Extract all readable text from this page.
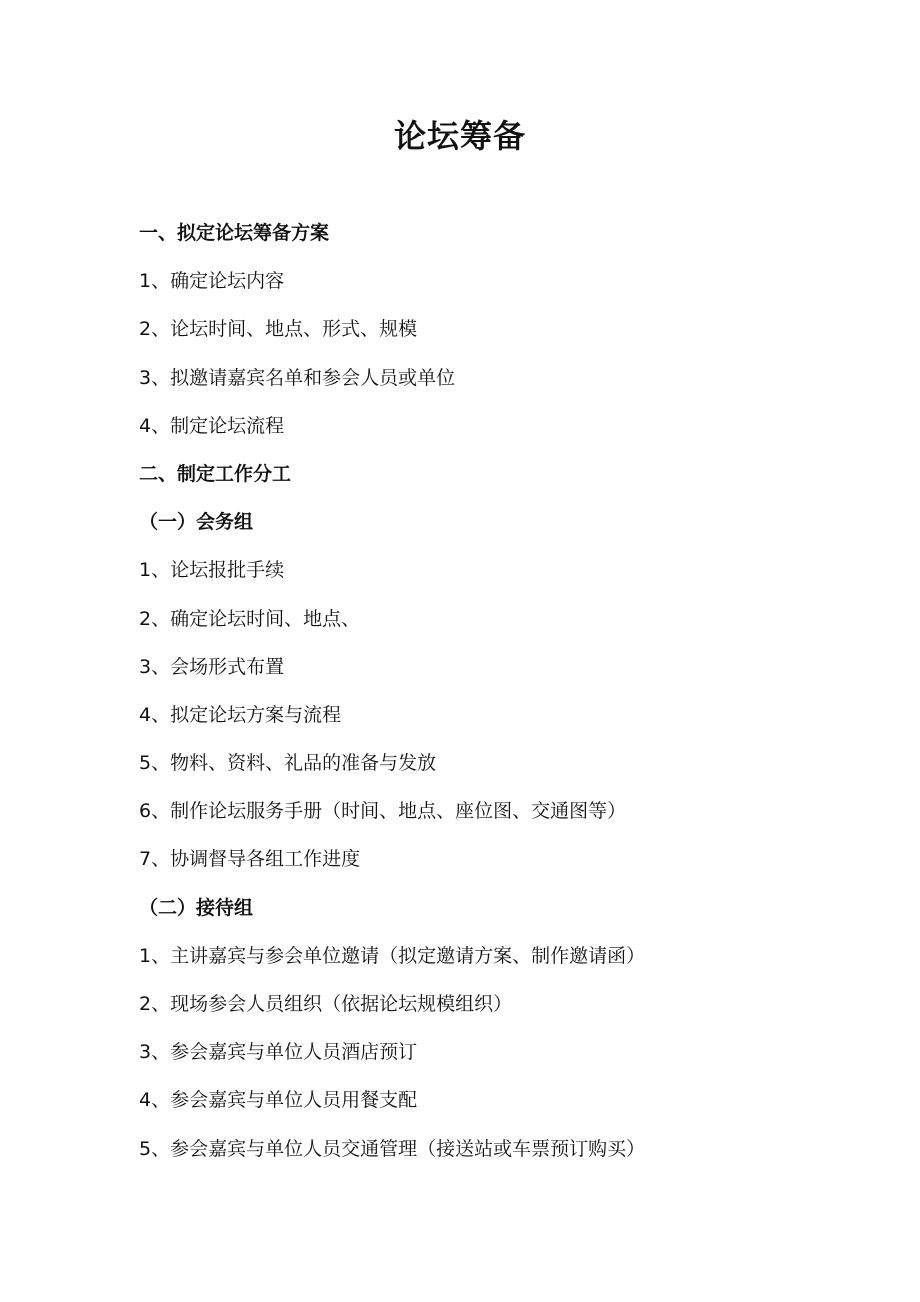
论坛筹备
一、拟定论坛筹备方案
1、确定论坛内容
2、论坛时间、地点、形式、规模
3、拟邀请嘉宾名单和参会人员或单位
4、制定论坛流程
二、制定工作分工
（一）会务组
1、论坛报批手续
2、确定论坛时间、地点、
3、会场形式布置
4、拟定论坛方案与流程
5、物料、资料、礼品的准备与发放
6、制作论坛服务手册（时间、地点、座位图、交通图等）
7、协调督导各组工作进度
（二）接待组
1、主讲嘉宾与参会单位邀请（拟定邀请方案、制作邀请函）
2、现场参会人员组织（依据论坛规模组织）
3、参会嘉宾与单位人员酒店预订
4、参会嘉宾与单位人员用餐支配
5、参会嘉宾与单位人员交通管理（接送站或车票预订购买）
